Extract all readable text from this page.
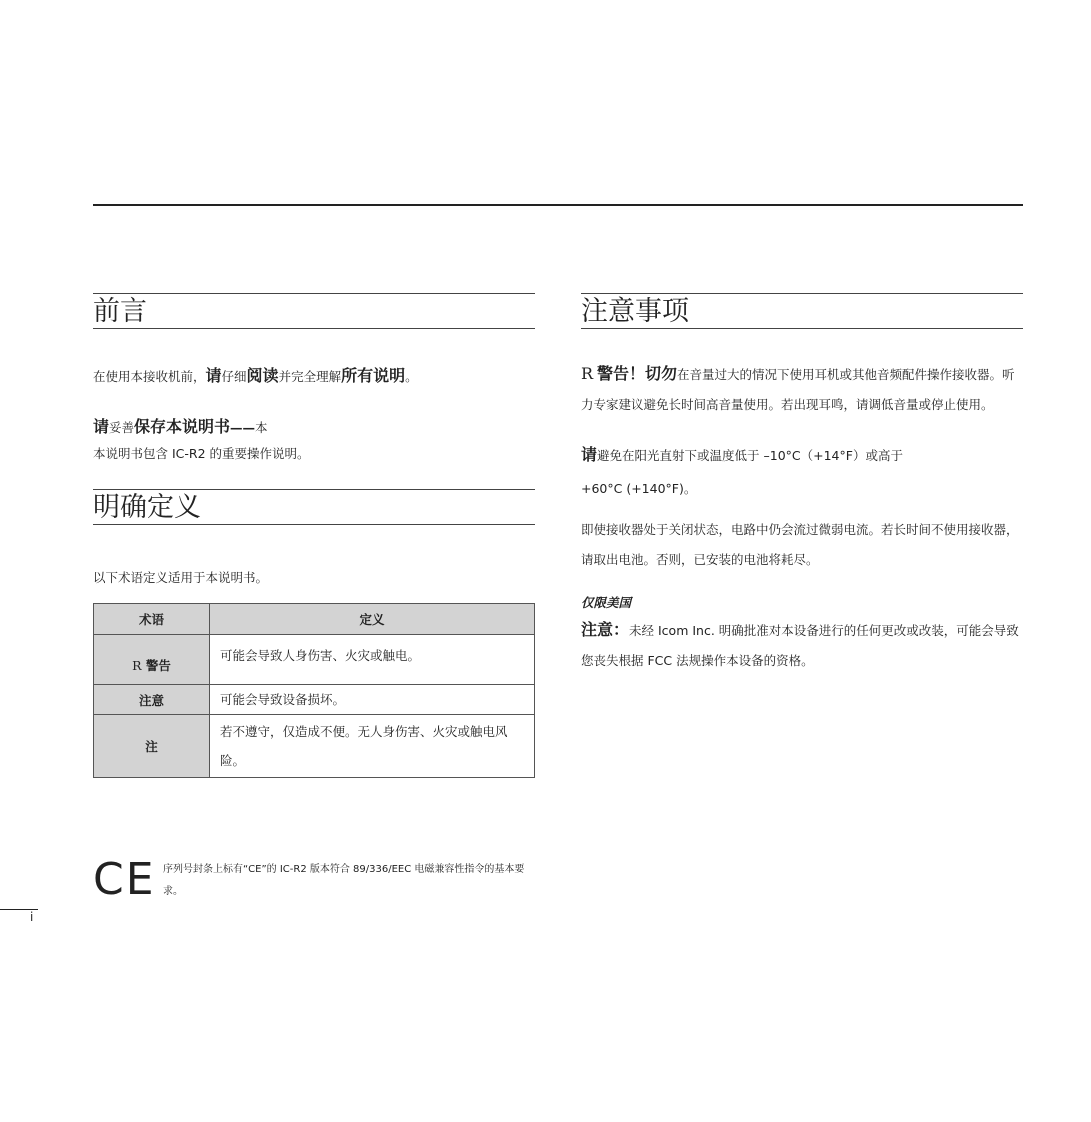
前言

在使用本接收机前，请仔细阅读并完全理解所有说明。

请妥善保存本说明书——本

本说明书包含 IC-R2 的重要操作说明。

明确定义

以下术语定义适用于本说明书。

术语	定义
R 警告	可能会导致人身伤害、火灾或触电。
注意	可能会导致设备损坏。
注	若不遵守，仅造成不便。无人身伤害、火灾或触电风险。
CE 序列号封条上标有“CE”的 IC-R2 版本符合 89/336/EEC 电磁兼容性指令的基本要求。
注意事项

R 警告！切勿在音量过大的情况下使用耳机或其他音频配件操作接收器。听力专家建议避免长时间高音量使用。若出现耳鸣，请调低音量或停止使用。

请避免在阳光直射下或温度低于 –10°C（+14°F）或高于

+60°C (+140°F)。

即使接收器处于关闭状态，电路中仍会流过微弱电流。若长时间不使用接收器，请取出电池。否则，已安装的电池将耗尽。

仅限美国

注意：未经 Icom Inc. 明确批准对本设备进行的任何更改或改装，可能会导致您丧失根据 FCC 法规操作本设备的资格。

i
